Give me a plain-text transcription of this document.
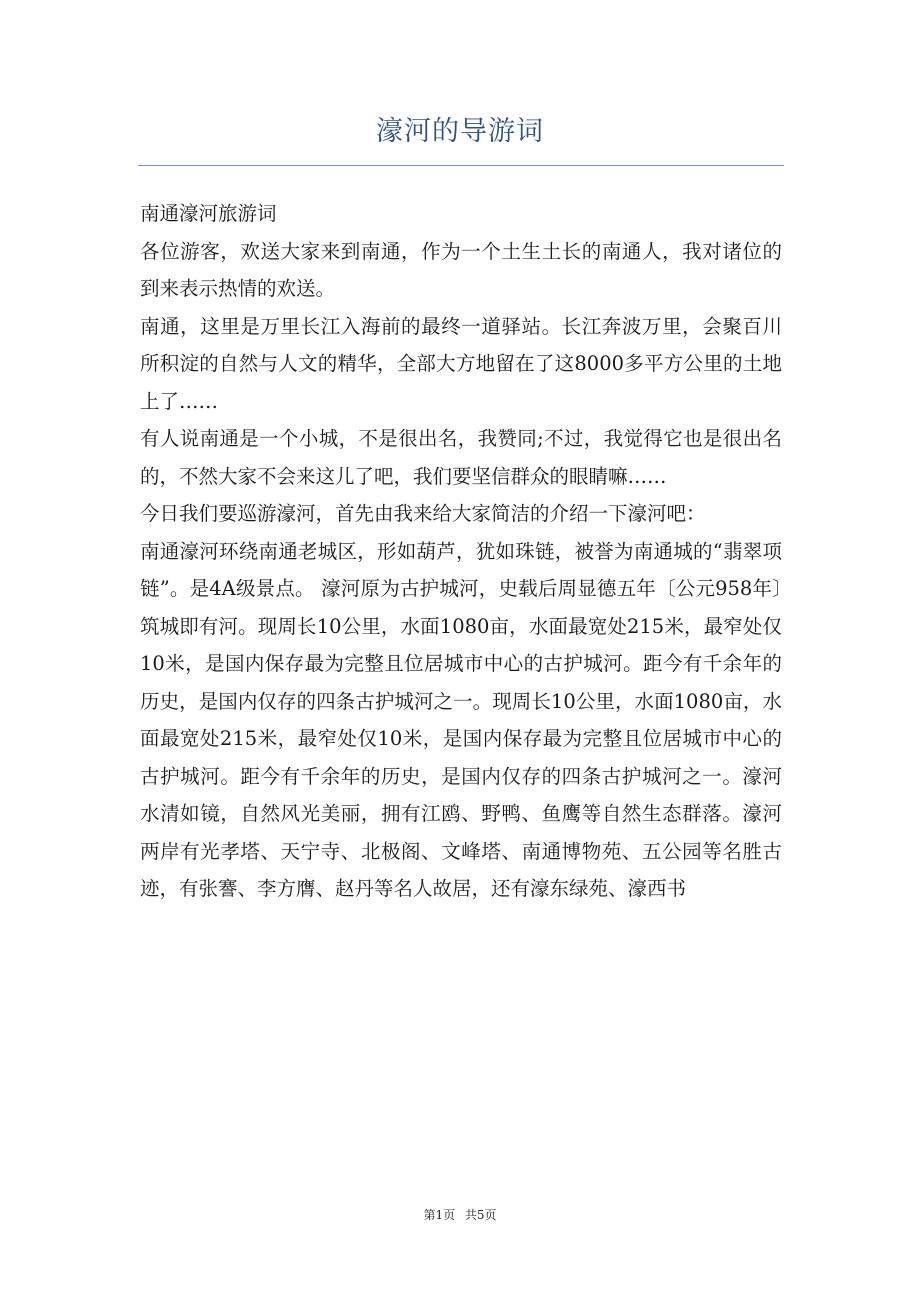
濠河的导游词

南通濠河旅游词

各位游客，欢送大家来到南通，作为一个土生土长的南通人，我对诸位的到来表示热情的欢送。

南通，这里是万里长江入海前的最终一道驿站。长江奔波万里，会聚百川所积淀的自然与人文的精华，全部大方地留在了这8000多平方公里的土地上了……

有人说南通是一个小城，不是很出名，我赞同;不过，我觉得它也是很出名的，不然大家不会来这儿了吧，我们要坚信群众的眼睛嘛……

今日我们要巡游濠河，首先由我来给大家简洁的介绍一下濠河吧：

南通濠河环绕南通老城区，形如葫芦，犹如珠链，被誉为南通城的“翡翠项链”。是4A级景点。 濠河原为古护城河，史载后周显德五年〔公元958年〕筑城即有河。现周长10公里，水面1080亩，水面最宽处215米，最窄处仅10米，是国内保存最为完整且位居城市中心的古护城河。距今有千余年的历史，是国内仅存的四条古护城河之一。现周长10公里，水面1080亩，水面最宽处215米，最窄处仅10米，是国内保存最为完整且位居城市中心的古护城河。距今有千余年的历史，是国内仅存的四条古护城河之一。濠河水清如镜，自然风光美丽，拥有江鸥、野鸭、鱼鹰等自然生态群落。濠河两岸有光孝塔、天宁寺、北极阁、文峰塔、南通博物苑、五公园等名胜古迹，有张謇、李方膺、赵丹等名人故居，还有濠东绿苑、濠西书

第1页 共5页
